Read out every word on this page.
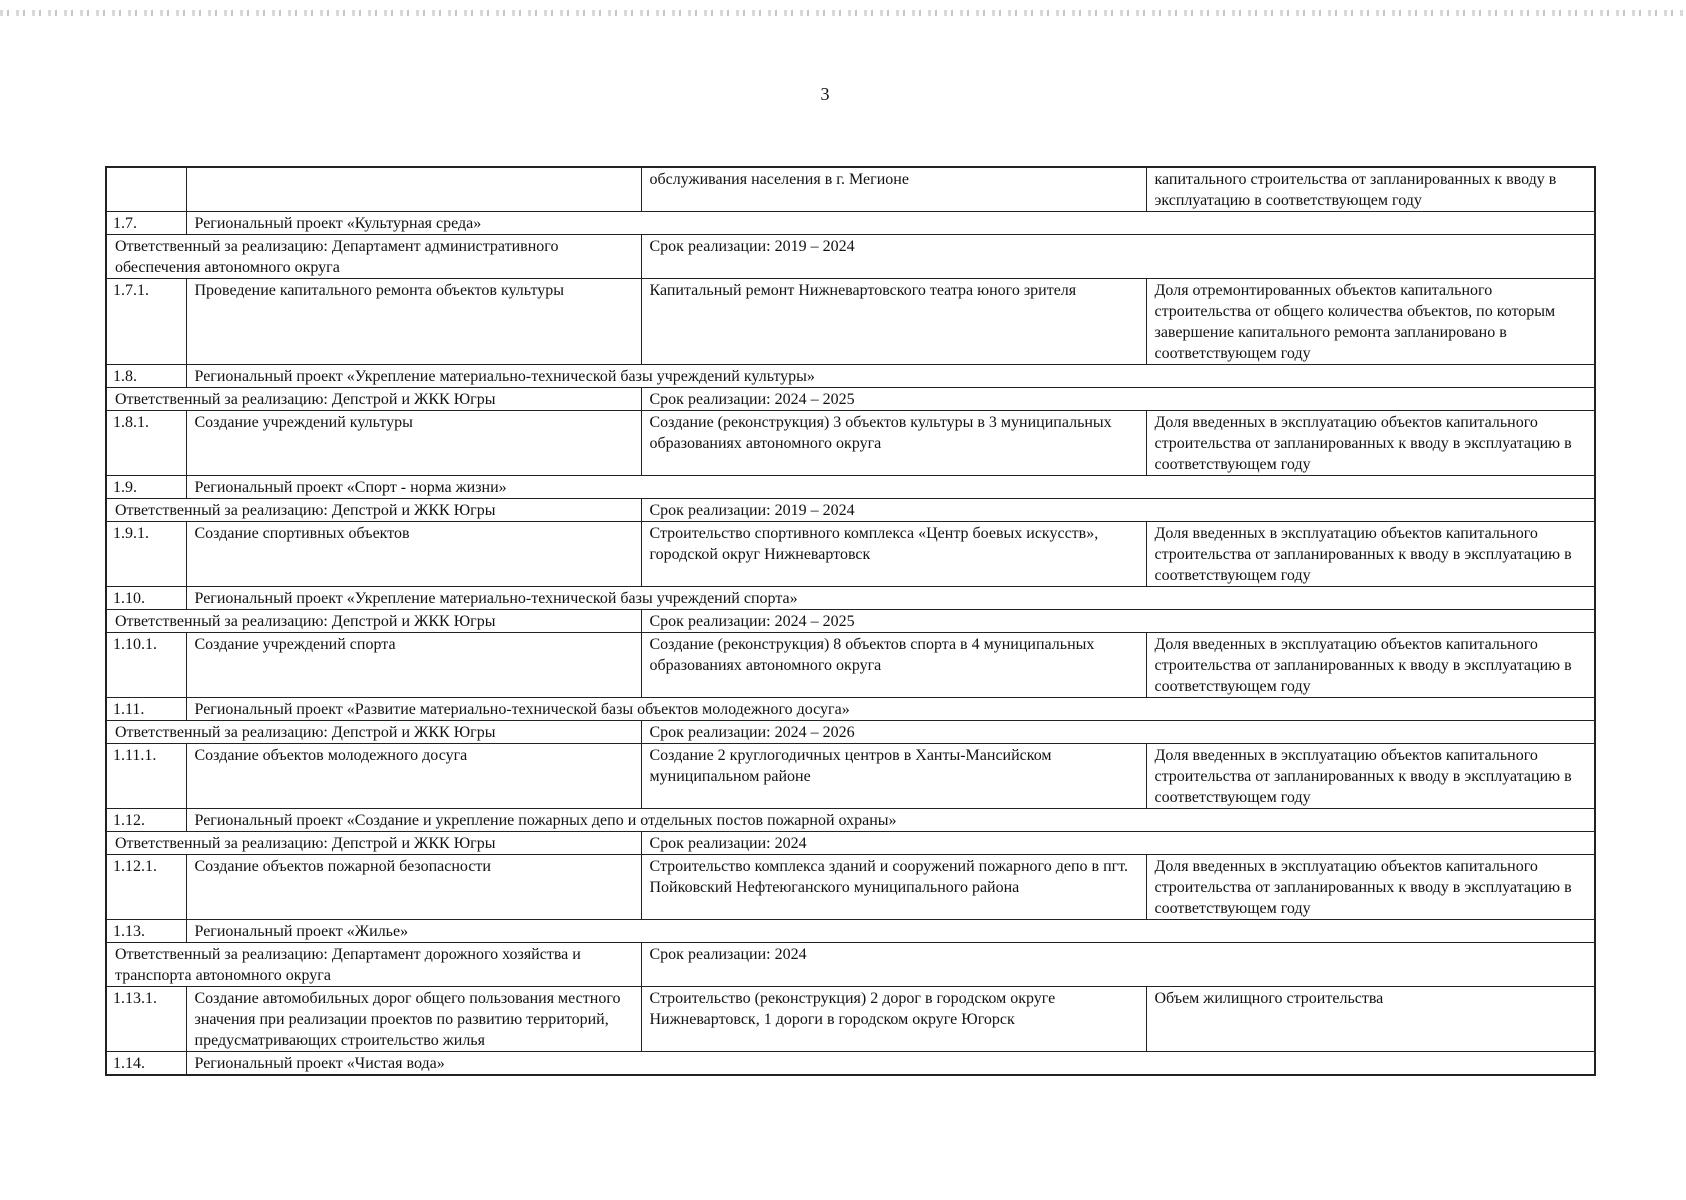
3
		обслуживания населения в г. Мегионе	капитального строительства от запланированных к вводу в эксплуатацию в соответствующем году
1.7.	Региональный проект «Культурная среда»		
Ответственный за реализацию: Департамент административного обеспечения автономного округа		Срок реализации: 2019 – 2024	
1.7.1.	Проведение капитального ремонта объектов культуры	Капитальный ремонт Нижневартовского театра юного зрителя	Доля отремонтированных объектов капитального строительства от общего количества объектов, по которым завершение капитального ремонта запланировано в соответствующем году
1.8.	Региональный проект «Укрепление материально-технической базы учреждений культуры»		
Ответственный за реализацию: Депстрой и ЖКК Югры		Срок реализации: 2024 – 2025	
1.8.1.	Создание учреждений культуры	Создание (реконструкция) 3 объектов культуры в 3 муниципальных образованиях автономного округа	Доля введенных в эксплуатацию объектов капитального строительства от запланированных к вводу в эксплуатацию в соответствующем году
1.9.	Региональный проект «Спорт - норма жизни»		
Ответственный за реализацию: Депстрой и ЖКК Югры		Срок реализации: 2019 – 2024	
1.9.1.	Создание спортивных объектов	Строительство спортивного комплекса «Центр боевых искусств», городской округ Нижневартовск	Доля введенных в эксплуатацию объектов капитального строительства от запланированных к вводу в эксплуатацию в соответствующем году
1.10.	Региональный проект «Укрепление материально-технической базы учреждений спорта»		
Ответственный за реализацию: Депстрой и ЖКК Югры		Срок реализации: 2024 – 2025	
1.10.1.	Создание учреждений спорта	Создание (реконструкция) 8 объектов спорта в 4 муниципальных образованиях автономного округа	Доля введенных в эксплуатацию объектов капитального строительства от запланированных к вводу в эксплуатацию в соответствующем году
1.11.	Региональный проект «Развитие материально-технической базы объектов молодежного досуга»		
Ответственный за реализацию: Депстрой и ЖКК Югры		Срок реализации: 2024 – 2026	
1.11.1.	Создание объектов молодежного досуга	Создание 2 круглогодичных центров в Ханты-Мансийском муниципальном районе	Доля введенных в эксплуатацию объектов капитального строительства от запланированных к вводу в эксплуатацию в соответствующем году
1.12.	Региональный проект «Создание и укрепление пожарных депо и отдельных постов пожарной охраны»		
Ответственный за реализацию: Депстрой и ЖКК Югры		Срок реализации: 2024	
1.12.1.	Создание объектов пожарной безопасности	Строительство комплекса зданий и сооружений пожарного депо в пгт. Пойковский Нефтеюганского муниципального района	Доля введенных в эксплуатацию объектов капитального строительства от запланированных к вводу в эксплуатацию в соответствующем году
1.13.	Региональный проект «Жилье»		
Ответственный за реализацию: Департамент дорожного хозяйства и транспорта автономного округа		Срок реализации: 2024	
1.13.1.	Создание автомобильных дорог общего пользования местного значения при реализации проектов по развитию территорий, предусматривающих строительство жилья	Строительство (реконструкция) 2 дорог в городском округе Нижневартовск, 1 дороги в городском округе Югорск	Объем жилищного строительства
1.14.	Региональный проект «Чистая вода»		
